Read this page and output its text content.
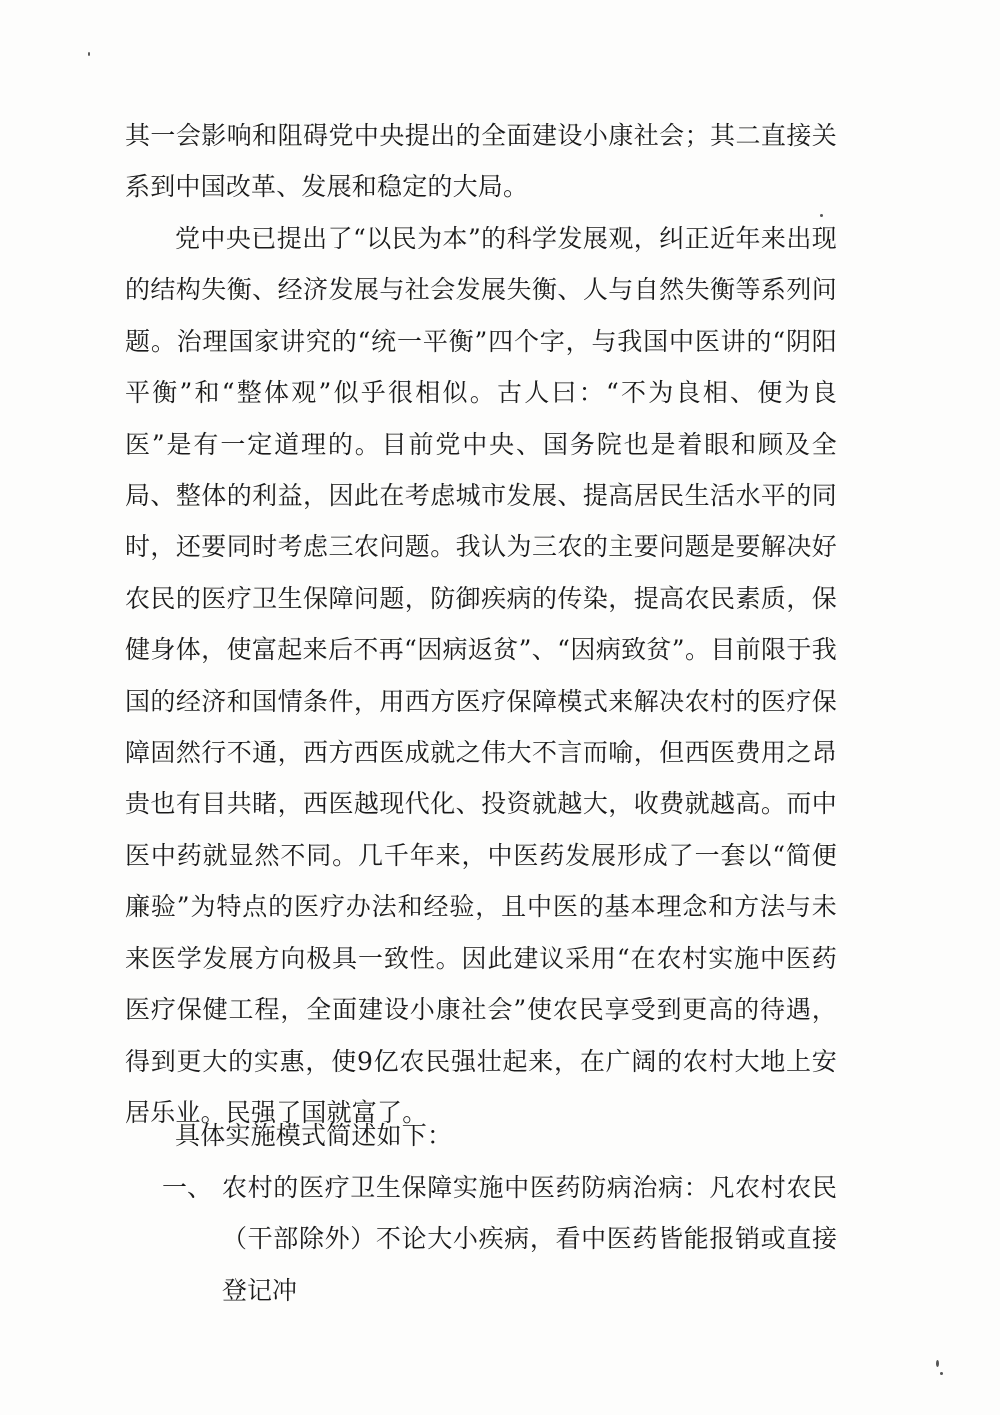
其一会影响和阻碍党中央提出的全面建设小康社会；其二直接关系到中国改革、发展和稳定的大局。

党中央已提出了“以民为本”的科学发展观，纠正近年来出现的结构失衡、经济发展与社会发展失衡、人与自然失衡等系列问题。治理国家讲究的“统一平衡”四个字，与我国中医讲的“阴阳平衡”和“整体观”似乎很相似。古人曰：“不为良相、便为良医”是有一定道理的。目前党中央、国务院也是着眼和顾及全局、整体的利益，因此在考虑城市发展、提高居民生活水平的同时，还要同时考虑三农问题。我认为三农的主要问题是要解决好农民的医疗卫生保障问题，防御疾病的传染，提高农民素质，保健身体，使富起来后不再“因病返贫”、“因病致贫”。目前限于我国的经济和国情条件，用西方医疗保障模式来解决农村的医疗保障固然行不通，西方西医成就之伟大不言而喻，但西医费用之昂贵也有目共睹，西医越现代化、投资就越大，收费就越高。而中医中药就显然不同。几千年来，中医药发展形成了一套以“简便廉验”为特点的医疗办法和经验，且中医的基本理念和方法与未来医学发展方向极具一致性。因此建议采用“在农村实施中医药医疗保健工程，全面建设小康社会”使农民享受到更高的待遇，得到更大的实惠，使9亿农民强壮起来，在广阔的农村大地上安居乐业。民强了国就富了。

具体实施模式简述如下：

一、 农村的医疗卫生保障实施中医药防病治病：凡农村农民（干部除外）不论大小疾病，看中医药皆能报销或直接登记冲
